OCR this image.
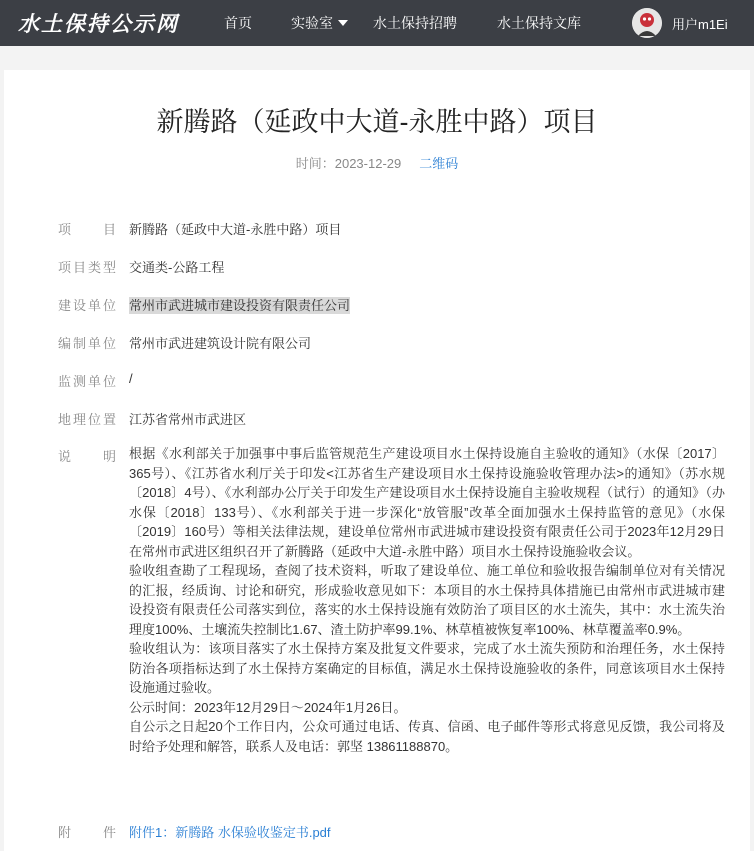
水土保持公示网	首页	实验室	水土保持招聘	水土保持文库	用户m1Ei
新腾路（延政中大道-永胜中路）项目
时间：2023-12-29 二维码
项目 新腾路（延政中大道-永胜中路）项目
项目类型 交通类-公路工程
建设单位 常州市武进城市建设投资有限责任公司
编制单位 常州市武进建筑设计院有限公司
监测单位 /
地理位置 江苏省常州市武进区
说明 根据《水利部关于加强事中事后监管规范生产建设项目水土保持设施自主验收的通知》（水保〔2017〕365号）、《江苏省水利厅关于印发<江苏省生产建设项目水土保持设施验收管理办法>的通知》（苏水规〔2018〕4号）、《水利部办公厅关于印发生产建设项目水土保持设施自主验收规程（试行）的通知》（办水保〔2018〕133号）、《水利部关于进一步深化“放管服”改革全面加强水土保持监管的意见》（水保〔2019〕160号）等相关法律法规，建设单位常州市武进城市建设投资有限责任公司于2023年12月29日在常州市武进区组织召开了新腾路（延政中大道-永胜中路）项目水土保持设施验收会议。

验收组查勘了工程现场，查阅了技术资料，听取了建设单位、施工单位和验收报告编制单位对有关情况的汇报，经质询、讨论和研究，形成验收意见如下：本项目的水土保持具体措施已由常州市武进城市建设投资有限责任公司落实到位，落实的水土保持设施有效防治了项目区的水土流失，其中：水土流失治理度100%、土壤流失控制比1.67、渣土防护率99.1%、林草植被恢复率100%、林草覆盖率0.9%。

验收组认为：该项目落实了水土保持方案及批复文件要求，完成了水土流失预防和治理任务，水土保持防治各项指标达到了水土保持方案确定的目标值，满足水土保持设施验收的条件，同意该项目水土保持设施通过验收。

公示时间：2023年12月29日～2024年1月26日。

自公示之日起20个工作日内，公众可通过电话、传真、信函、电子邮件等形式将意见反馈，我公司将及时给予处理和解答，联系人及电话：郭坚 13861188870。

附件 附件1：新腾路 水保验收鉴定书.pdf
